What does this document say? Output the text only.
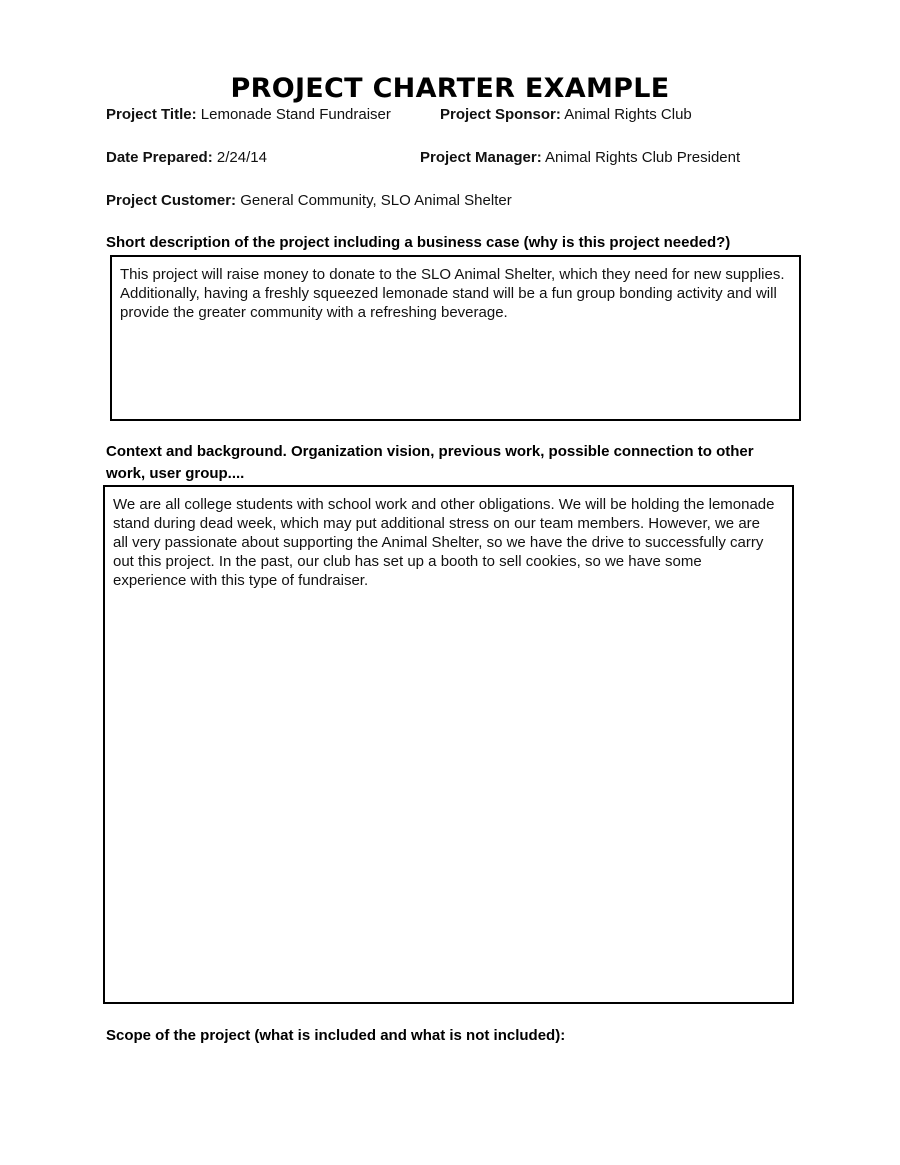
PROJECT CHARTER EXAMPLE
Project Title: Lemonade Stand Fundraiser	Project Sponsor: Animal Rights Club
Date Prepared: 2/24/14	Project Manager: Animal Rights Club President
Project Customer: General Community, SLO Animal Shelter
Short description of the project including a business case (why is this project needed?)
This project will raise money to donate to the SLO Animal Shelter, which they need for new supplies. Additionally, having a freshly squeezed lemonade stand will be a fun group bonding activity and will provide the greater community with a refreshing beverage.
Context and background. Organization vision, previous work, possible connection to other work, user group....
We are all college students with school work and other obligations. We will be holding the lemonade stand during dead week, which may put additional stress on our team members. However, we are all very passionate about supporting the Animal Shelter, so we have the drive to successfully carry out this project. In the past, our club has set up a booth to sell cookies, so we have some experience with this type of fundraiser.
Scope of the project (what is included and what is not included):
